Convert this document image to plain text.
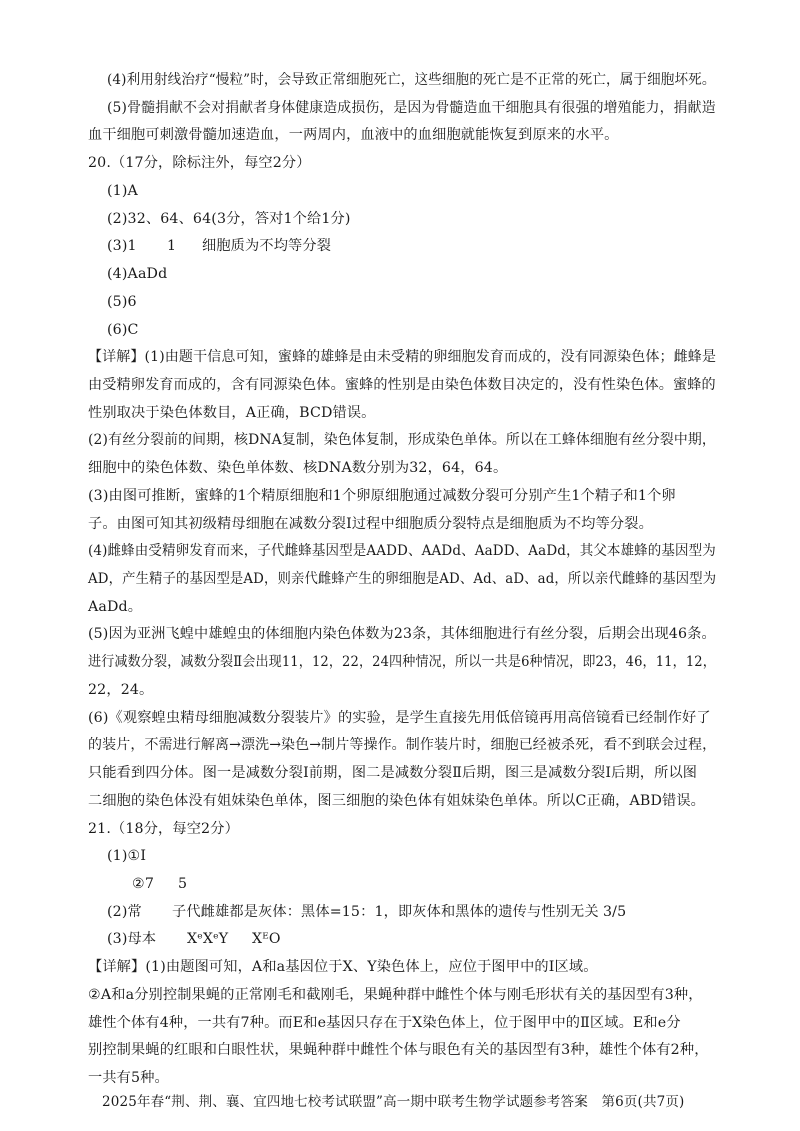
(4)利用射线治疗“慢粒”时，会导致正常细胞死亡，这些细胞的死亡是不正常的死亡，属于细胞坏死。
(5)骨髓捐献不会对捐献者身体健康造成损伤，是因为骨髓造血干细胞具有很强的增殖能力，捐献造
血干细胞可刺激骨髓加速造血，一两周内，血液中的血细胞就能恢复到原来的水平。
20.（17分，除标注外，每空2分）
(1)A
(2)32、64、64(3分，答对1个给1分)
(3)1 1 细胞质为不均等分裂
(4)AaDd
(5)6
(6)C
【详解】(1)由题干信息可知，蜜蜂的雄蜂是由未受精的卵细胞发育而成的，没有同源染色体；雌蜂是
由受精卵发育而成的，含有同源染色体。蜜蜂的性别是由染色体数目决定的，没有性染色体。蜜蜂的
性别取决于染色体数目，A正确，BCD错误。
(2)有丝分裂前的间期，核DNA复制，染色体复制，形成染色单体。所以在工蜂体细胞有丝分裂中期，
细胞中的染色体数、染色单体数、核DNA数分别为32，64，64。
(3)由图可推断，蜜蜂的1个精原细胞和1个卵原细胞通过减数分裂可分别产生1个精子和1个卵
子。由图可知其初级精母细胞在减数分裂Ⅰ过程中细胞质分裂特点是细胞质为不均等分裂。
(4)雌蜂由受精卵发育而来，子代雌蜂基因型是AADD、AADd、AaDD、AaDd，其父本雄蜂的基因型为
AD，产生精子的基因型是AD，则亲代雌蜂产生的卵细胞是AD、Ad、aD、ad，所以亲代雌蜂的基因型为
AaDd。
(5)因为亚洲飞蝗中雄蝗虫的体细胞内染色体数为23条，其体细胞进行有丝分裂，后期会出现46条。
进行减数分裂，减数分裂Ⅱ会出现11，12，22，24四种情况，所以一共是6种情况，即23，46，11，12，
22，24。
(6)《观察蝗虫精母细胞减数分裂装片》的实验，是学生直接先用低倍镜再用高倍镜看已经制作好了
的装片，不需进行解离→漂洗→染色→制片等操作。制作装片时，细胞已经被杀死，看不到联会过程，
只能看到四分体。图一是减数分裂Ⅰ前期，图二是减数分裂Ⅱ后期，图三是减数分裂Ⅰ后期，所以图
二细胞的染色体没有姐妹染色单体，图三细胞的染色体有姐妹染色单体。所以C正确，ABD错误。
21.（18分，每空2分）
(1)①Ⅰ
②7 5
(2)常 子代雌雄都是灰体：黑体=15：1，即灰体和黑体的遗传与性别无关 3/5
(3)母本 XᵉXᵉY XᴱO
【详解】(1)由题图可知，A和a基因位于X、Y染色体上，应位于图甲中的Ⅰ区域。
②A和a分别控制果蝇的正常刚毛和截刚毛，果蝇种群中雌性个体与刚毛形状有关的基因型有3种，
雄性个体有4种，一共有7种。而E和e基因只存在于X染色体上，位于图甲中的Ⅱ区域。E和e分
别控制果蝇的红眼和白眼性状，果蝇种群中雌性个体与眼色有关的基因型有3种，雄性个体有2种，
一共有5种。
2025年春“荆、荆、襄、宜四地七校考试联盟”高一期中联考生物学试题参考答案　第6页(共7页)
